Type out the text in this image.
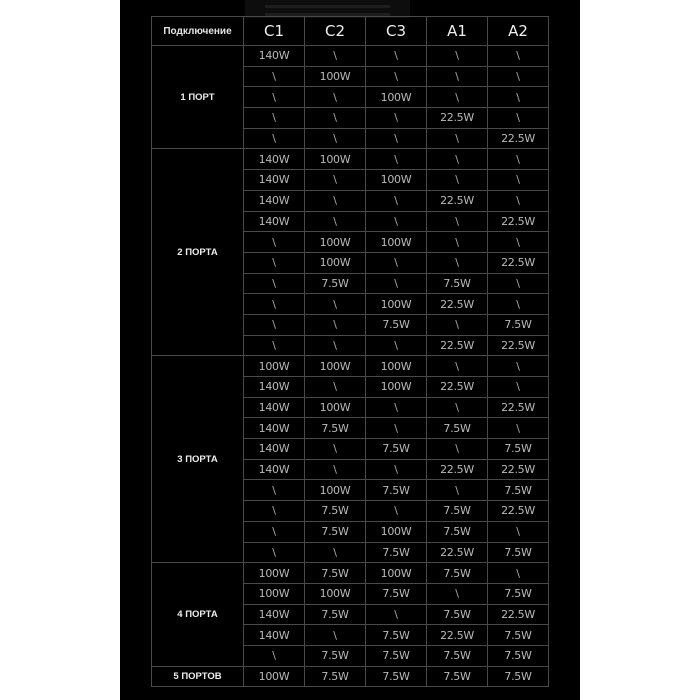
Подключение	C1	C2	C3	A1	A2
1 ПОРТ	140W	\	\	\	\
	\	100W	\	\	\
	\	\	100W	\	\
	\	\	\	22.5W	\
	\	\	\	\	22.5W
2 ПОРТА	140W	100W	\	\	\
	140W	\	100W	\	\
	140W	\	\	22.5W	\
	140W	\	\	\	22.5W
	\	100W	100W	\	\
	\	100W	\	\	22.5W
	\	7.5W	\	7.5W	\
	\	\	100W	22.5W	\
	\	\	7.5W	\	7.5W
	\	\	\	22.5W	22.5W
3 ПОРТА	100W	100W	100W	\	\
	140W	\	100W	22.5W	\
	140W	100W	\	\	22.5W
	140W	7.5W	\	7.5W	\
	140W	\	7.5W	\	7.5W
	140W	\	\	22.5W	22.5W
	\	100W	7.5W	\	7.5W
	\	7.5W	\	7.5W	22.5W
	\	7.5W	100W	7.5W	\
	\	\	7.5W	22.5W	7.5W
4 ПОРТА	100W	7.5W	100W	7.5W	\
	100W	100W	7.5W	\	7.5W
	140W	7.5W	\	7.5W	22.5W
	140W	\	7.5W	22.5W	7.5W
	\	7.5W	7.5W	7.5W	7.5W
5 ПОРТОВ	100W	7.5W	7.5W	7.5W	7.5W
